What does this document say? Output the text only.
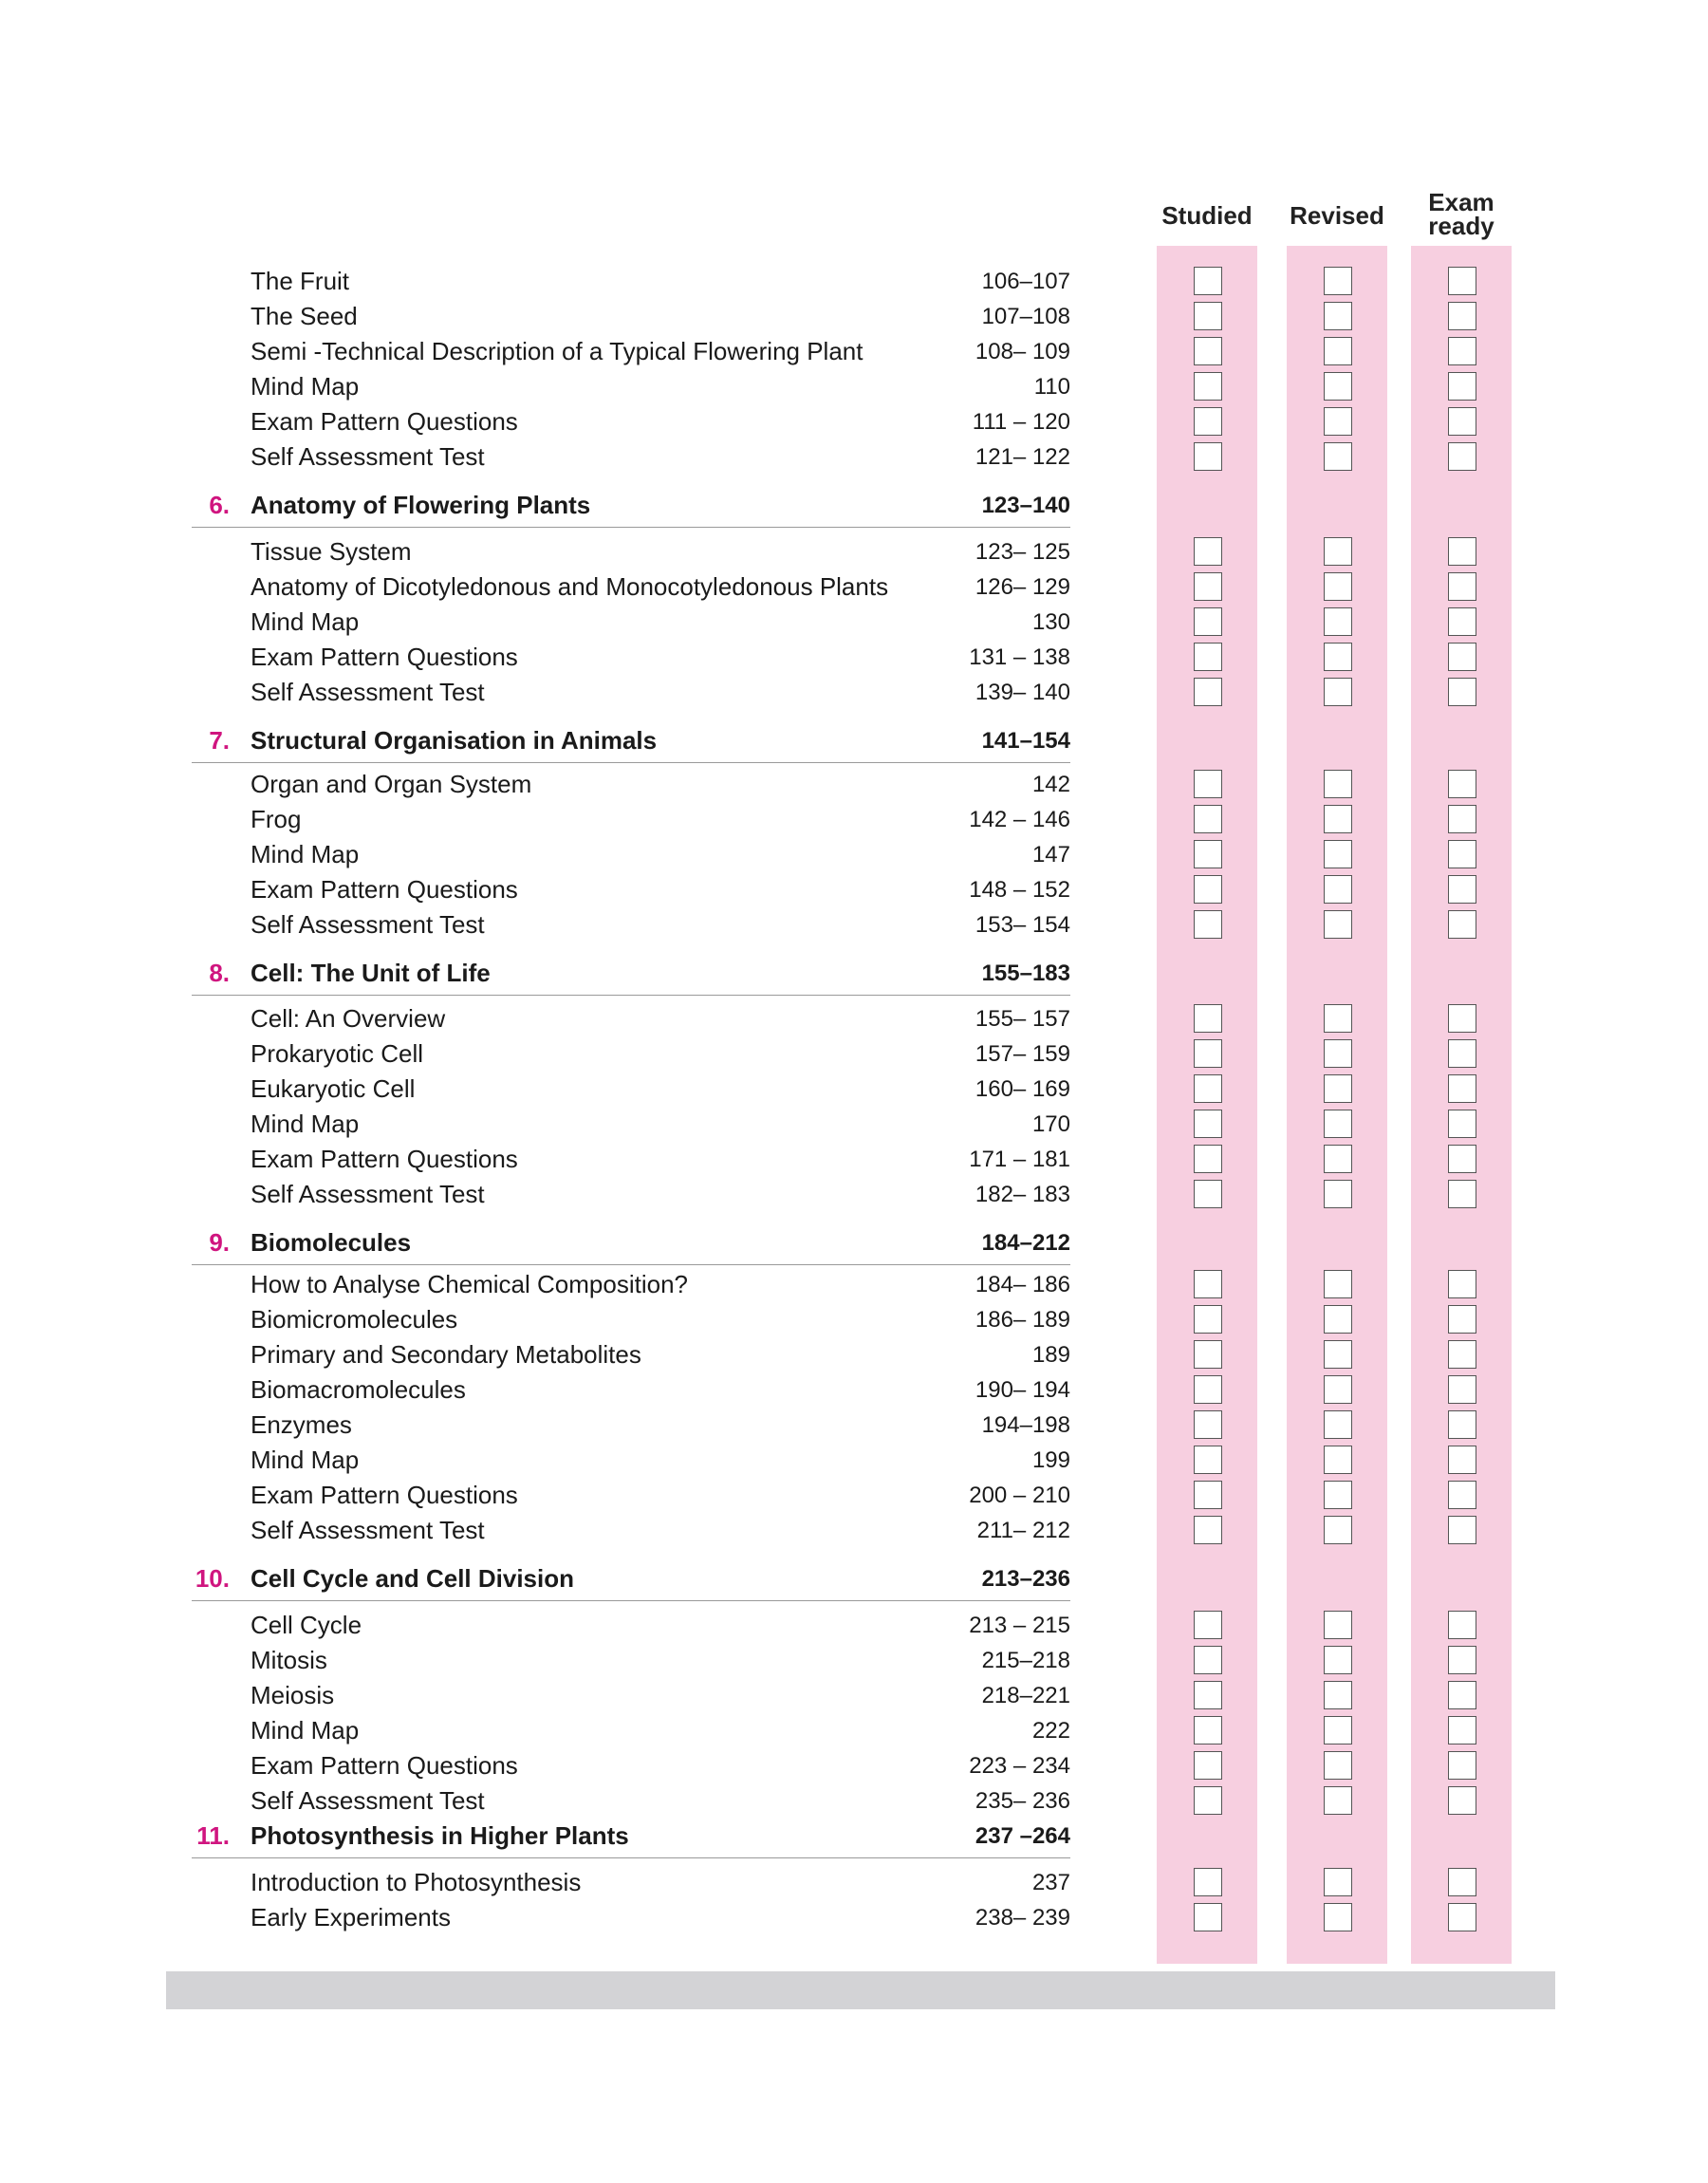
Studied Revised	Exam
ready
The Fruit	106–107
The Seed	107–108
Semi -Technical Description of a Typical Flowering Plant	108– 109
Mind Map	110
Exam Pattern Questions	111 – 120
Self Assessment Test	121– 122
6. Anatomy of Flowering Plants	123–140
Tissue System	123– 125
Anatomy of Dicotyledonous and Monocotyledonous Plants	126– 129
Mind Map	130
Exam Pattern Questions	131 – 138
Self Assessment Test	139– 140
7. Structural Organisation in Animals	141–154
Organ and Organ System	142
Frog	142 – 146
Mind Map	147
Exam Pattern Questions	148 – 152
Self Assessment Test	153– 154
8. Cell: The Unit of Life	155–183
Cell: An Overview	155– 157
Prokaryotic Cell	157– 159
Eukaryotic Cell	160– 169
Mind Map	170
Exam Pattern Questions	171 – 181
Self Assessment Test	182– 183
9. Biomolecules	184–212
How to Analyse Chemical Composition?	184– 186
Biomicromolecules	186– 189
Primary and Secondary Metabolites	189
Biomacromolecules	190– 194
Enzymes	194–198
Mind Map	199
Exam Pattern Questions	200 – 210
Self Assessment Test	211– 212
10. Cell Cycle and Cell Division	213–236
Cell Cycle	213 – 215
Mitosis	215–218
Meiosis	218–221
Mind Map	222
Exam Pattern Questions	223 – 234
Self Assessment Test	235– 236
11. Photosynthesis in Higher Plants	237 –264
Introduction to Photosynthesis	237
Early Experiments	238– 239
